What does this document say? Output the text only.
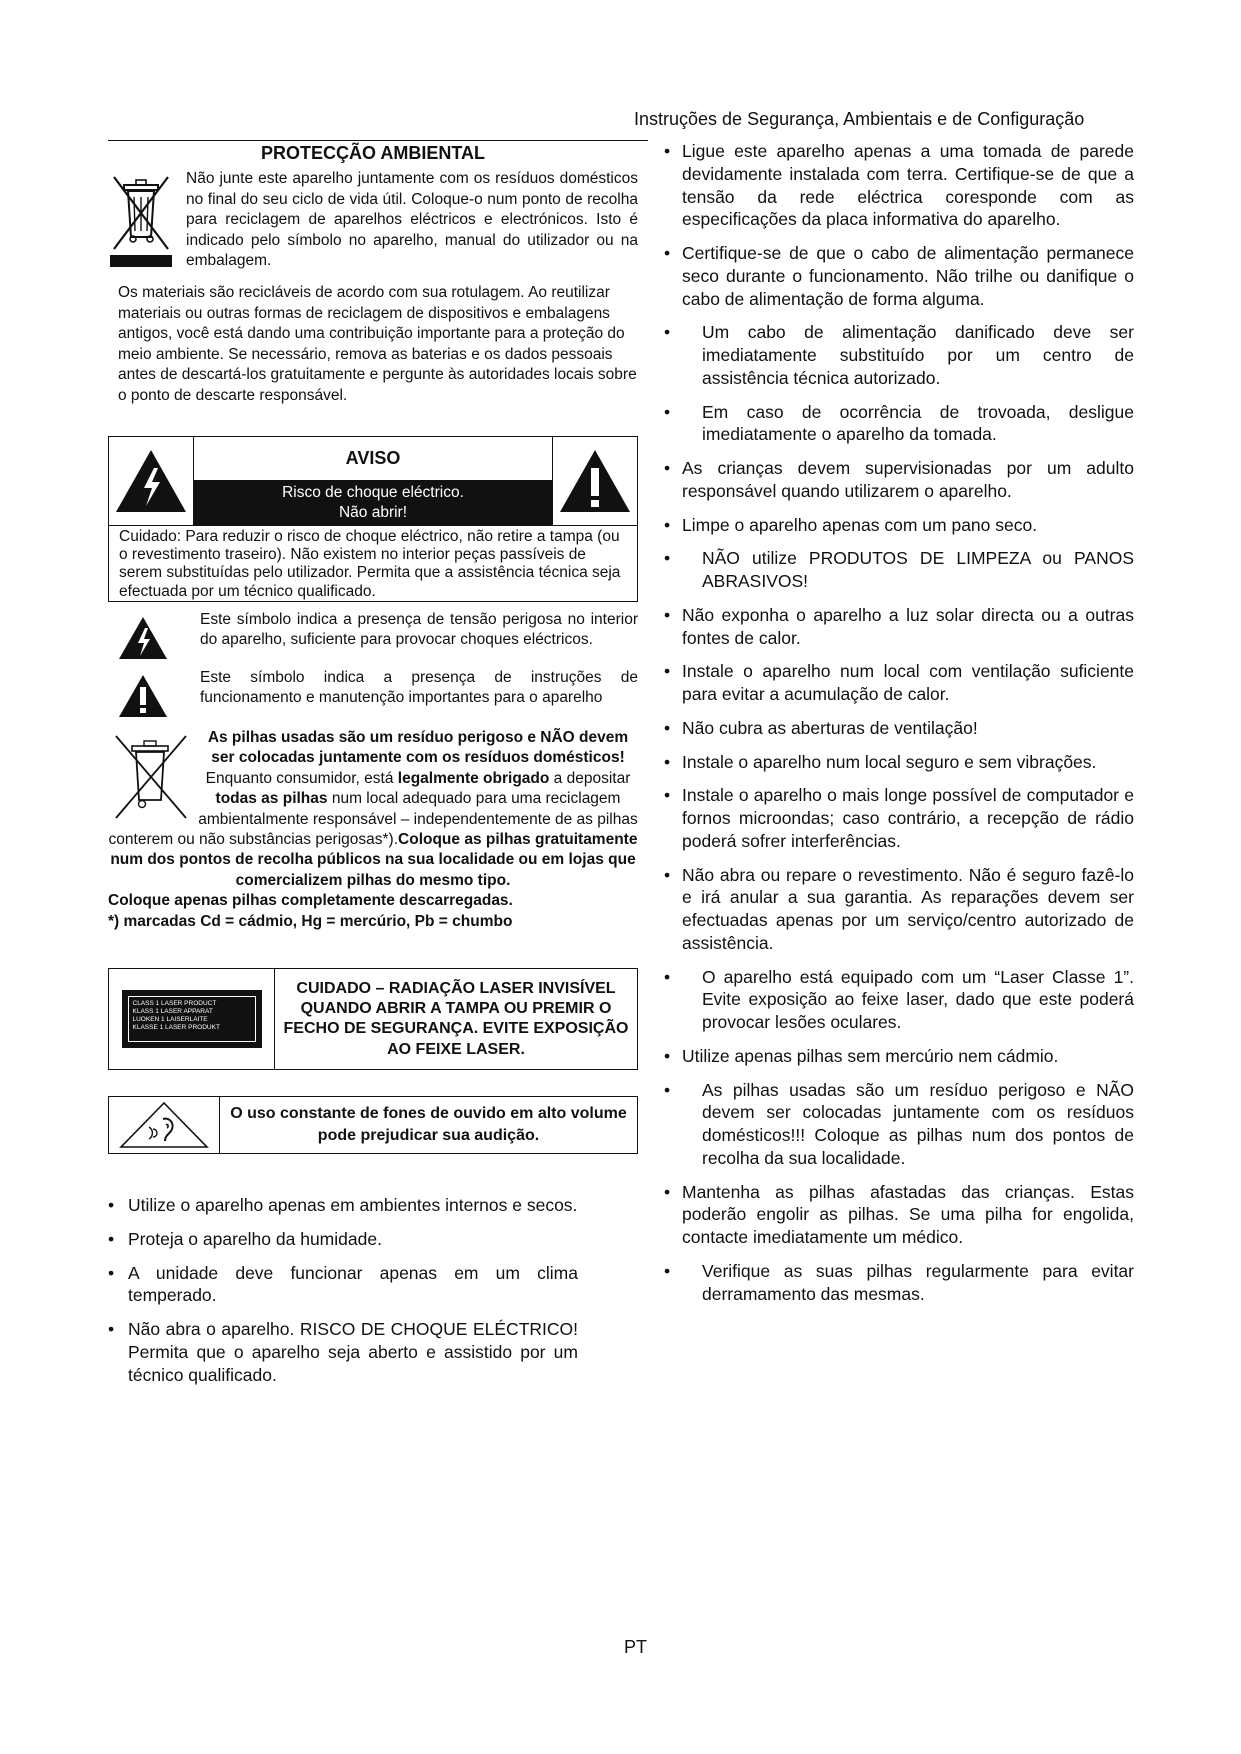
Instruções de Segurança, Ambientais e de Configuração
PROTECÇÃO AMBIENTAL
Não junte este aparelho juntamente com os resíduos domésticos no final do seu ciclo de vida útil. Coloque-o num ponto de recolha para reciclagem de aparelhos eléctricos e electrónicos. Isto é indicado pelo símbolo no aparelho, manual do utilizador ou na embalagem.
Os materiais são recicláveis de acordo com sua rotulagem. Ao reutilizar materiais ou outras formas de reciclagem de dispositivos e embalagens antigos, você está dando uma contribuição importante para a proteção do meio ambiente. Se necessário, remova as baterias e os dados pessoais antes de descartá-los gratuitamente e pergunte às autoridades locais sobre o ponto de descarte responsável.
AVISO
Risco de choque eléctrico.
Não abrir!
Cuidado: Para reduzir o risco de choque eléctrico, não retire a tampa (ou o revestimento traseiro). Não existem no interior peças passíveis de serem substituídas pelo utilizador. Permita que a assistência técnica seja efectuada por um técnico qualificado.
Este símbolo indica a presença de tensão perigosa no interior do aparelho, suficiente para provocar choques eléctricos.
Este símbolo indica a presença de instruções de funcionamento e manutenção importantes para o aparelho
As pilhas usadas são um resíduo perigoso e NÃO devem ser colocadas juntamente com os resíduos domésticos! Enquanto consumidor, está legalmente obrigado a depositar todas as pilhas num local adequado para uma reciclagem ambientalmente responsável – independentemente de as pilhas conterem ou não substâncias perigosas*).Coloque as pilhas gratuitamente num dos pontos de recolha públicos na sua localidade ou em lojas que comercializem pilhas do mesmo tipo.
Coloque apenas pilhas completamente descarregadas.
*) marcadas Cd = cádmio, Hg = mercúrio, Pb = chumbo
CLASS 1 LASER PRODUCT
KLASS 1 LASER APPARAT
LUOKEN 1 LAISERLAITE
KLASSE 1 LASER PRODUKT
CUIDADO – RADIAÇÃO LASER INVISÍVEL QUANDO ABRIR A TAMPA OU PREMIR O FECHO DE SEGURANÇA. EVITE EXPOSIÇÃO AO FEIXE LASER.
O uso constante de fones de ouvido em alto volume pode prejudicar sua audição.
• Utilize o aparelho apenas em ambientes internos e secos.
• Proteja o aparelho da humidade.
• A unidade deve funcionar apenas em um clima temperado.
• Não abra o aparelho. RISCO DE CHOQUE ELÉCTRICO! Permita que o aparelho seja aberto e assistido por um técnico qualificado.
• Ligue este aparelho apenas a uma tomada de parede devidamente instalada com terra. Certifique-se de que a tensão da rede eléctrica coresponde com as especificações da placa informativa do aparelho.
• Certifique-se de que o cabo de alimentação permanece seco durante o funcionamento. Não trilhe ou danifique o cabo de alimentação de forma alguma.
• Um cabo de alimentação danificado deve ser imediatamente substituído por um centro de assistência técnica autorizado.
• Em caso de ocorrência de trovoada, desligue imediatamente o aparelho da tomada.
• As crianças devem supervisionadas por um adulto responsável quando utilizarem o aparelho.
• Limpe o aparelho apenas com um pano seco.
• NÃO utilize PRODUTOS DE LIMPEZA ou PANOS ABRASIVOS!
• Não exponha o aparelho a luz solar directa ou a outras fontes de calor.
• Instale o aparelho num local com ventilação suficiente para evitar a acumulação de calor.
• Não cubra as aberturas de ventilação!
• Instale o aparelho num local seguro e sem vibrações.
• Instale o aparelho o mais longe possível de computador e fornos microondas; caso contrário, a recepção de rádio poderá sofrer interferências.
• Não abra ou repare o revestimento. Não é seguro fazê-lo e irá anular a sua garantia. As reparações devem ser efectuadas apenas por um serviço/centro autorizado de assistência.
• O aparelho está equipado com um “Laser Classe 1”. Evite exposição ao feixe laser, dado que este poderá provocar lesões oculares.
• Utilize apenas pilhas sem mercúrio nem cádmio.
• As pilhas usadas são um resíduo perigoso e NÃO devem ser colocadas juntamente com os resíduos domésticos!!! Coloque as pilhas num dos pontos de recolha da sua localidade.
• Mantenha as pilhas afastadas das crianças. Estas poderão engolir as pilhas. Se uma pilha for engolida, contacte imediatamente um médico.
• Verifique as suas pilhas regularmente para evitar derramamento das mesmas.
PT
